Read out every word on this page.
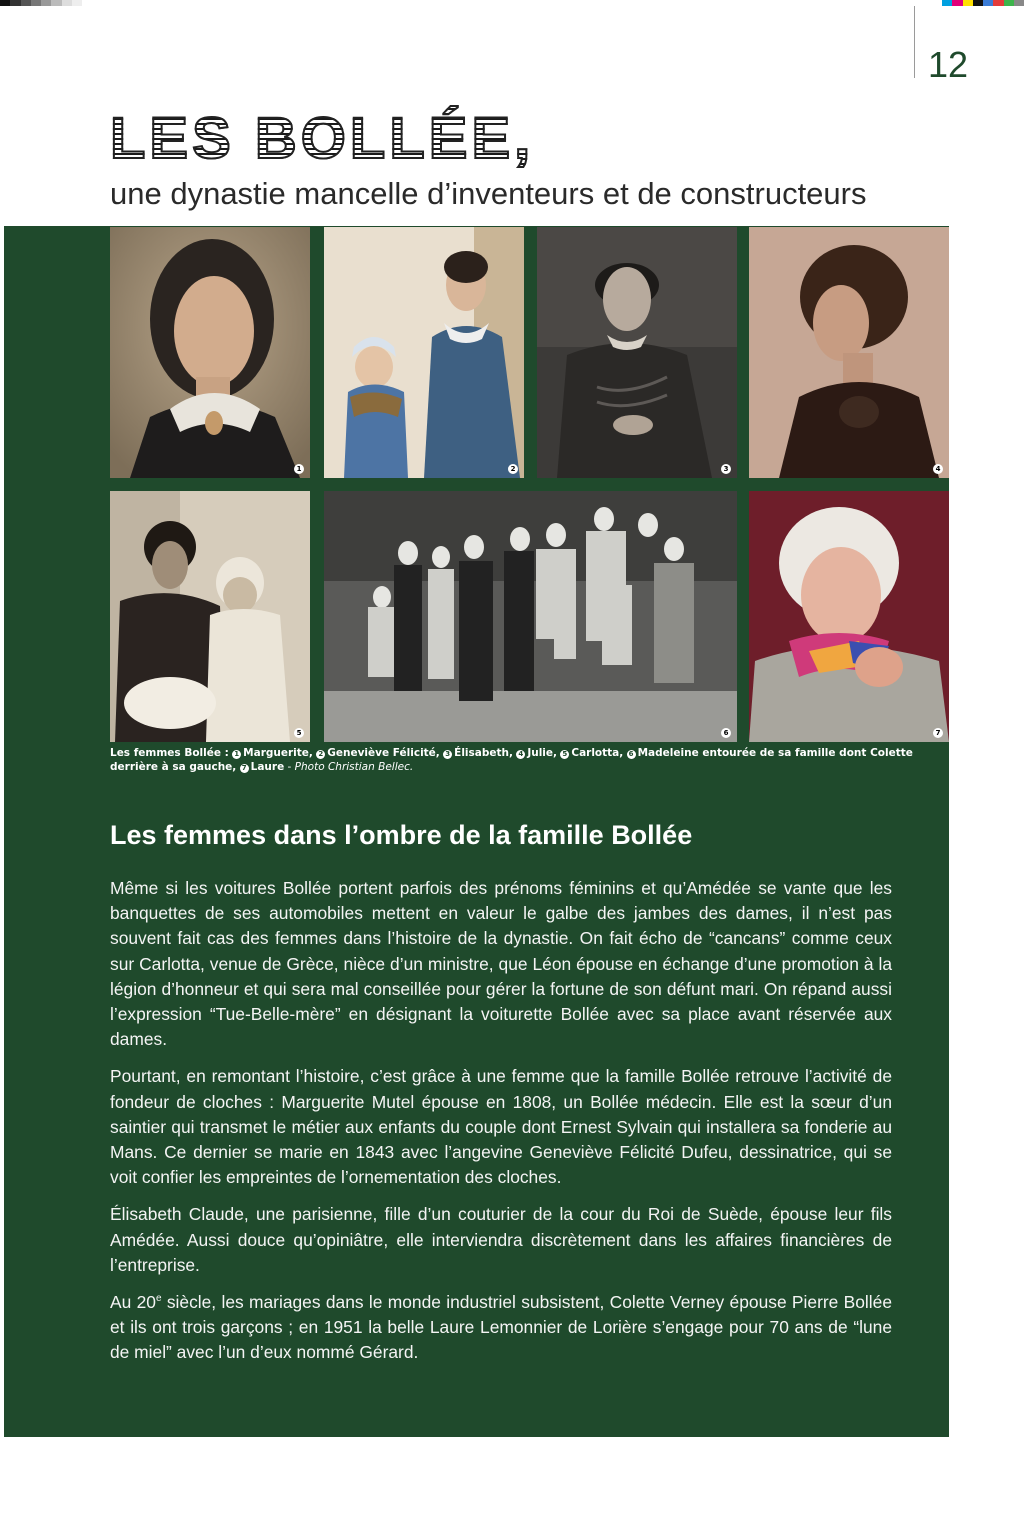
12
LES BOLLÉE,
une dynastie mancelle d’inventeurs et de constructeurs
1	2	3	4
5	6	7
Les femmes Bollée : 1 Marguerite, 2 Geneviève Félicité, 3 Élisabeth, 4 Julie, 5 Carlotta, 6 Madeleine entourée de sa famille dont Colette derrière à sa gauche, 7 Laure - Photo Christian Bellec.
Les femmes dans l’ombre de la famille Bollée

Même si les voitures Bollée portent parfois des prénoms féminins et qu’Amédée se vante que les banquettes de ses automobiles mettent en valeur le galbe des jambes des dames, il n’est pas souvent fait cas des femmes dans l’histoire de la dynastie. On fait écho de “cancans” comme ceux sur Carlotta, venue de Grèce, nièce d’un ministre, que Léon épouse en échange d’une promotion à la légion d’honneur et qui sera mal conseillée pour gérer la fortune de son défunt mari. On répand aussi l’expression “Tue-Belle-mère” en désignant la voiturette Bollée avec sa place avant réservée aux dames.

Pourtant, en remontant l’histoire, c’est grâce à une femme que la famille Bollée retrouve l’activité de fondeur de cloches : Marguerite Mutel épouse en 1808, un Bollée médecin. Elle est la sœur d’un saintier qui transmet le métier aux enfants du couple dont Ernest Sylvain qui installera sa fonderie au Mans. Ce dernier se marie en 1843 avec l’angevine Geneviève Félicité Dufeu, dessinatrice, qui se voit confier les empreintes de l’ornementation des cloches.

Élisabeth Claude, une parisienne, fille d’un couturier de la cour du Roi de Suède, épouse leur fils Amédée. Aussi douce qu’opiniâtre, elle interviendra discrètement dans les affaires financières de l’entreprise.

Au 20e siècle, les mariages dans le monde industriel subsistent, Colette Verney épouse Pierre Bollée et ils ont trois garçons ; en 1951 la belle Laure Lemonnier de Lorière s’engage pour 70 ans de “lune de miel” avec l’un d’eux nommé Gérard.
